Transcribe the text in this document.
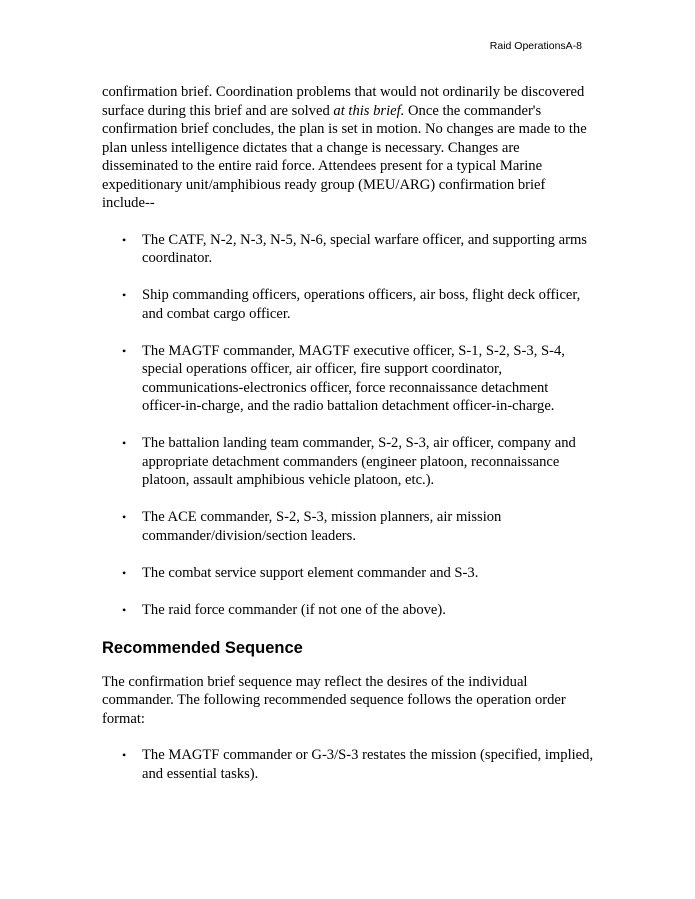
Raid OperationsA-8

confirmation brief. Coordination problems that would not ordinarily be discovered surface during this brief and are solved at this brief. Once the commander's confirmation brief concludes, the plan is set in motion. No changes are made to the plan unless intelligence dictates that a change is necessary. Changes are disseminated to the entire raid force. Attendees present for a typical Marine expeditionary unit/amphibious ready group (MEU/ARG) confirmation brief include--

• The CATF, N-2, N-3, N-5, N-6, special warfare officer, and supporting arms coordinator.
• Ship commanding officers, operations officers, air boss, flight deck officer, and combat cargo officer.
• The MAGTF commander, MAGTF executive officer, S-1, S-2, S-3, S-4, special operations officer, air officer, fire support coordinator, communications-electronics officer, force reconnaissance detachment officer-in-charge, and the radio battalion detachment officer-in-charge.
• The battalion landing team commander, S-2, S-3, air officer, company and appropriate detachment commanders (engineer platoon, reconnaissance platoon, assault amphibious vehicle platoon, etc.).
• The ACE commander, S-2, S-3, mission planners, air mission commander/division/section leaders.
• The combat service support element commander and S-3.
• The raid force commander (if not one of the above).
Recommended Sequence

The confirmation brief sequence may reflect the desires of the individual commander. The following recommended sequence follows the operation order format:

• The MAGTF commander or G-3/S-3 restates the mission (specified, implied, and essential tasks).
